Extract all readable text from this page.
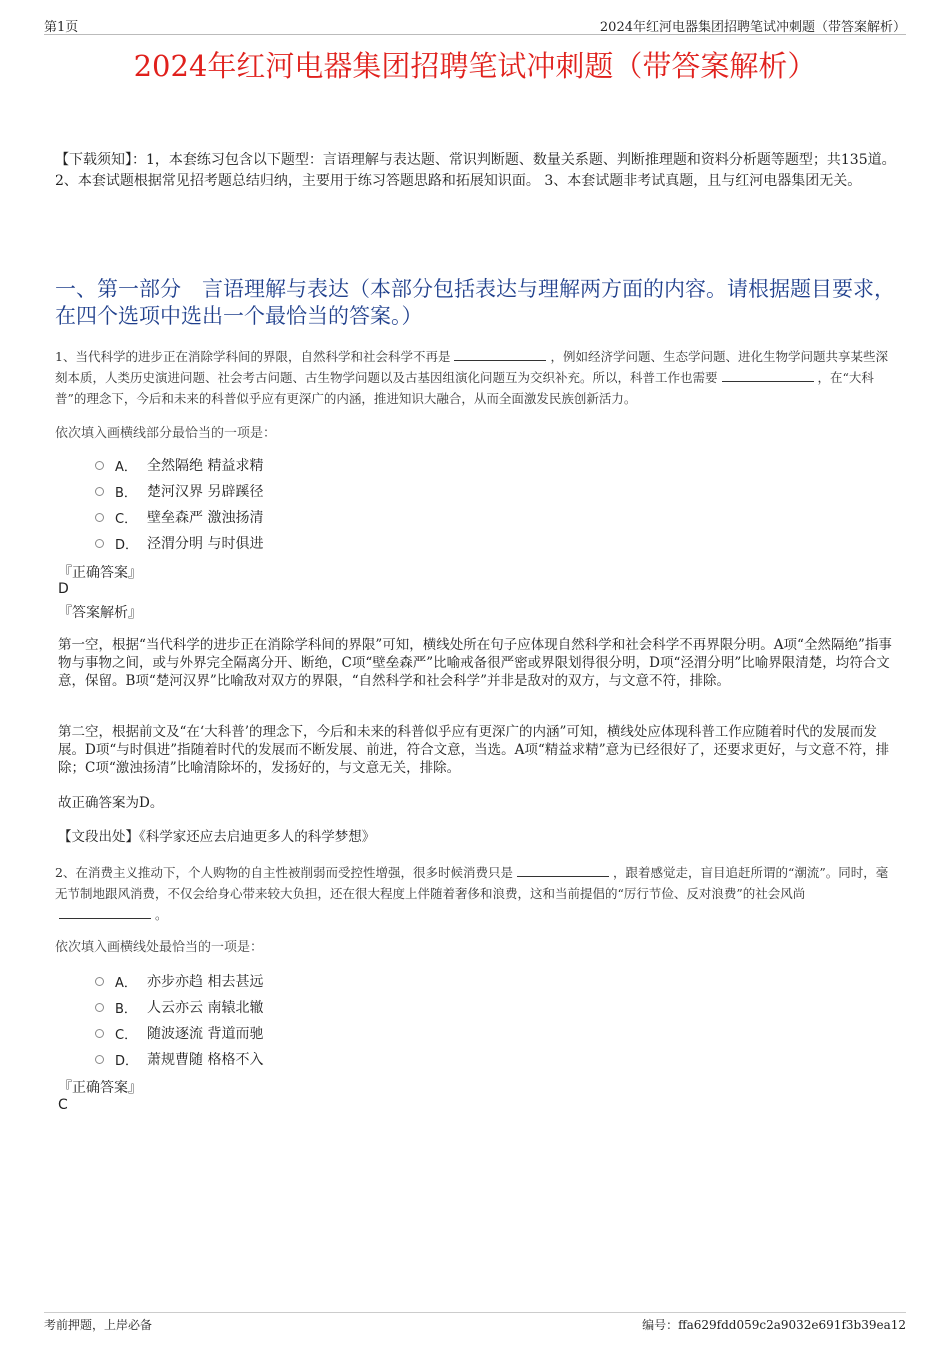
第1页	2024年红河电器集团招聘笔试冲刺题（带答案解析）
2024年红河电器集团招聘笔试冲刺题（带答案解析）
【下载须知】：1，本套练习包含以下题型：言语理解与表达题、常识判断题、数量关系题、判断推理题和资料分析题等题型；共135道。 2、本套试题根据常见招考题总结归纳，主要用于练习答题思路和拓展知识面。 3、本套试题非考试真题，且与红河电器集团无关。
一、第一部分　言语理解与表达（本部分包括表达与理解两方面的内容。请根据题目要求，在四个选项中选出一个最恰当的答案。）
1、当代科学的进步正在消除学科间的界限，自然科学和社会科学不再是	，例如经济学问题、生态学问题、进化生物学问题共享某些深刻本质，人类历史演进问题、社会考古问题、古生物学问题以及古基因组演化问题互为交织补充。所以，科普工作也需要	，在“大科普”的理念下，今后和未来的科普似乎应有更深广的内涵，推进知识大融合，从而全面激发民族创新活力。
依次填入画横线部分最恰当的一项是：
A． 全然隔绝 精益求精
B． 楚河汉界 另辟蹊径
C． 壁垒森严 激浊扬清
D． 泾渭分明 与时俱进
『正确答案』
D
『答案解析』
第一空，根据“当代科学的进步正在消除学科间的界限”可知，横线处所在句子应体现自然科学和社会科学不再界限分明。A项“全然隔绝”指事物与事物之间，或与外界完全隔离分开、断绝，C项“壁垒森严”比喻戒备很严密或界限划得很分明，D项“泾渭分明”比喻界限清楚，均符合文意，保留。B项“楚河汉界”比喻敌对双方的界限，“自然科学和社会科学”并非是敌对的双方，与文意不符，排除。
第二空，根据前文及“在‘大科普’的理念下，今后和未来的科普似乎应有更深广的内涵”可知，横线处应体现科普工作应随着时代的发展而发展。D项“与时俱进”指随着时代的发展而不断发展、前进，符合文意，当选。A项“精益求精”意为已经很好了，还要求更好，与文意不符，排除；C项“激浊扬清”比喻清除坏的，发扬好的，与文意无关，排除。
故正确答案为D。
【文段出处】《科学家还应去启迪更多人的科学梦想》
2、在消费主义推动下，个人购物的自主性被削弱而受控性增强，很多时候消费只是	，跟着感觉走，盲目追赶所谓的“潮流”。同时，毫无节制地跟风消费，不仅会给身心带来较大负担，还在很大程度上伴随着奢侈和浪费，这和当前提倡的“厉行节俭、反对浪费”的社会风尚。
依次填入画横线处最恰当的一项是：
A． 亦步亦趋 相去甚远
B． 人云亦云 南辕北辙
C． 随波逐流 背道而驰
D． 萧规曹随 格格不入
『正确答案』
C
考前押题，上岸必备	编号：ffa629fdd059c2a9032e691f3b39ea12
